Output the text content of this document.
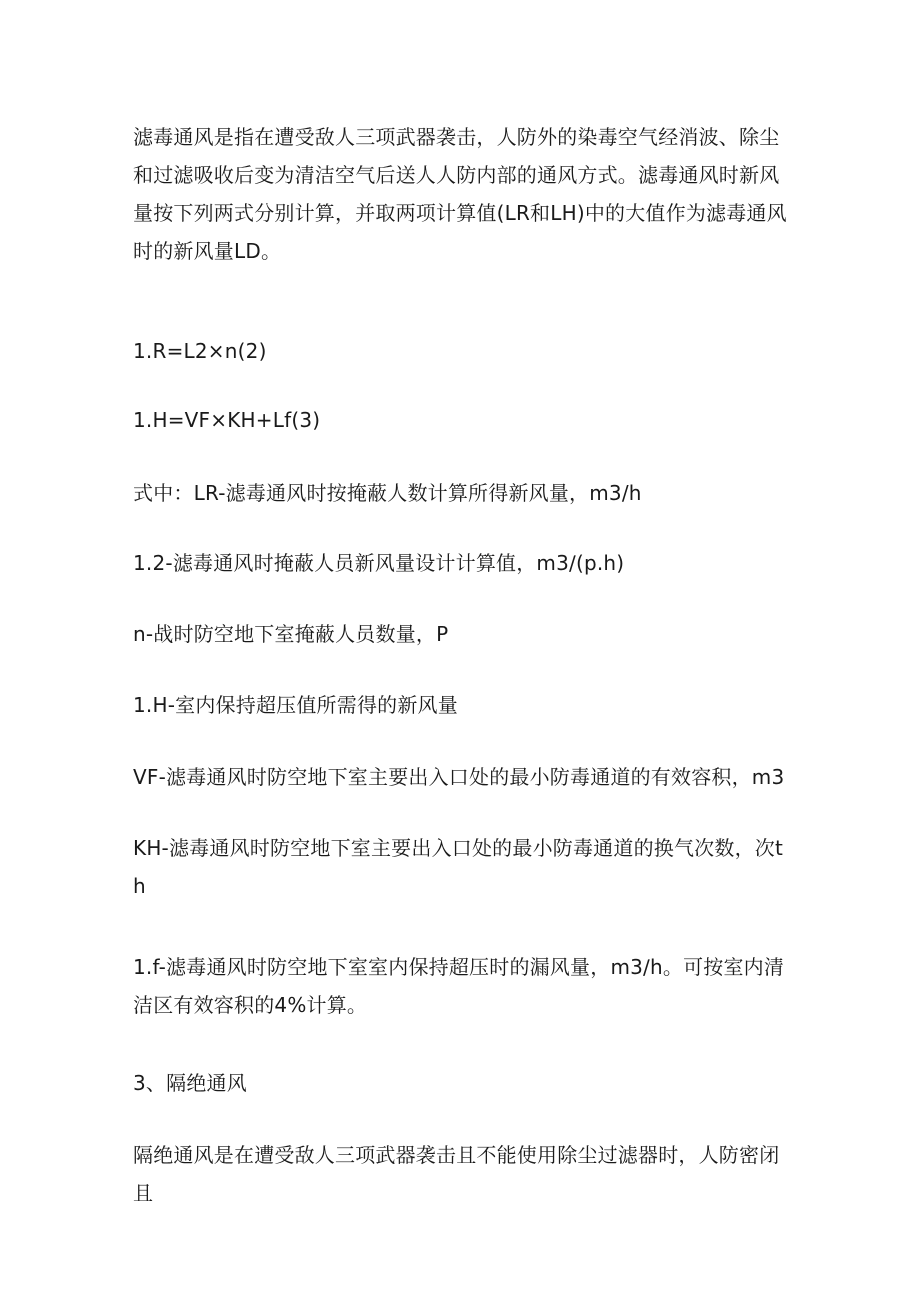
滤毒通风是指在遭受敌人三项武器袭击，人防外的染毒空气经消波、除尘和过滤吸收后变为清洁空气后送人人防内部的通风方式。滤毒通风时新风量按下列两式分别计算，并取两项计算值(LR和LH)中的大值作为滤毒通风时的新风量LD。

1.R=L2×n(2)

1.H=VF×KH+Lf(3)

式中：LR-滤毒通风时按掩蔽人数计算所得新风量，m3/h

1.2-滤毒通风时掩蔽人员新风量设计计算值，m3∕(p.h)

n-战时防空地下室掩蔽人员数量，P

1.H-室内保持超压值所需得的新风量

VF-滤毒通风时防空地下室主要出入口处的最小防毒通道的有效容积，m3

KH-滤毒通风时防空地下室主要出入口处的最小防毒通道的换气次数，次th

1.f-滤毒通风时防空地下室室内保持超压时的漏风量，m3∕h。可按室内清洁区有效容积的4%计算。

3、隔绝通风

隔绝通风是在遭受敌人三项武器袭击且不能使用除尘过滤器时，人防密闭且
